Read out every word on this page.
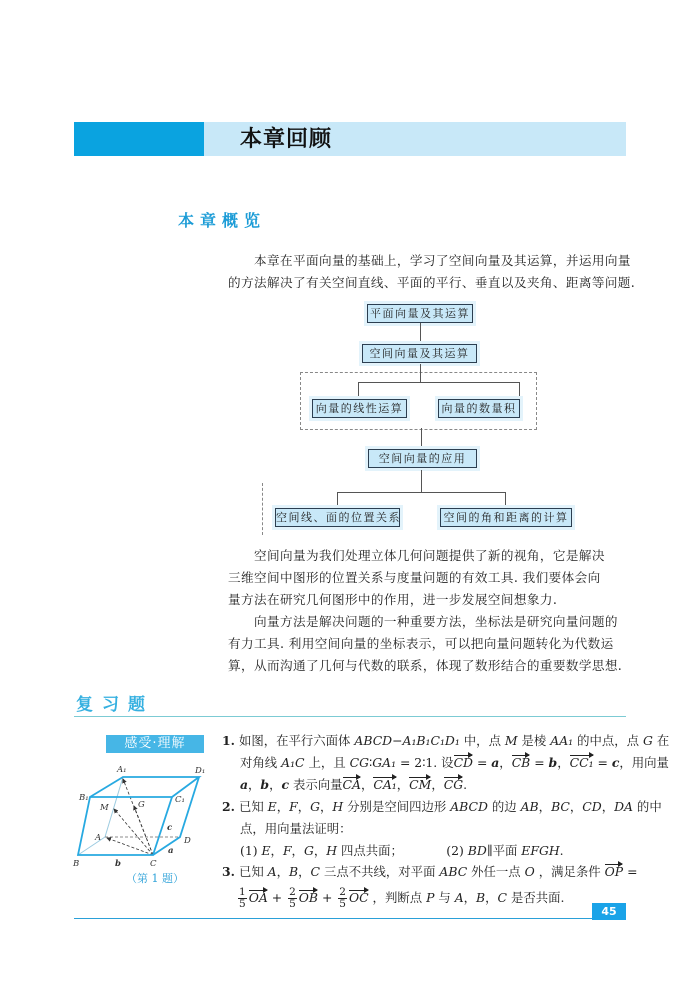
本章回顾
本章概览
本章在平面向量的基础上，学习了空间向量及其运算，并运用向量
的方法解决了有关空间直线、平面的平行、垂直以及夹角、距离等问题.
平面向量及其运算
空间向量及其运算
向量的线性运算	向量的数量积
空间向量的应用
空间线、面的位置关系	空间的角和距离的计算
空间向量为我们处理立体几何问题提供了新的视角，它是解决
三维空间中图形的位置关系与度量问题的有效工具. 我们要体会向
量方法在研究几何图形中的作用，进一步发展空间想象力.
向量方法是解决问题的一种重要方法，坐标法是研究向量问题的
有力工具. 利用空间向量的坐标表示，可以把向量问题转化为代数运
算，从而沟通了几何与代数的联系，体现了数形结合的重要数学思想.
复习题
感受·理解
A₁	D₁
B₁	C₁
M	G
A	D
c
a
B	b	C
（第 1 题）
1. 如图，在平行六面体 ABCD−A₁B₁C₁D₁ 中，点 M 是棱 AA₁ 的中点，点 G 在
对角线 A₁C 上，且 CG∶GA₁ = 2∶1. 设CD = a，CB = b，CC₁ = c，用向量
a，b，c 表示向量CA，CA₁，CM，CG.
2. 已知 E，F，G，H 分别是空间四边形 ABCD 的边 AB，BC，CD，DA 的中
点，用向量法证明：
(1) E，F，G，H 四点共面；　　　　(2) BD∥平面 EFGH.
3. 已知 A，B，C 三点不共线，对平面 ABC 外任一点 O ，满足条件 OP =
$\frac{1}{5}$ OA + $\frac{2}{5}$ OB + $\frac{2}{5}$ OC ，判断点 P 与 A，B，C 是否共面.
45
